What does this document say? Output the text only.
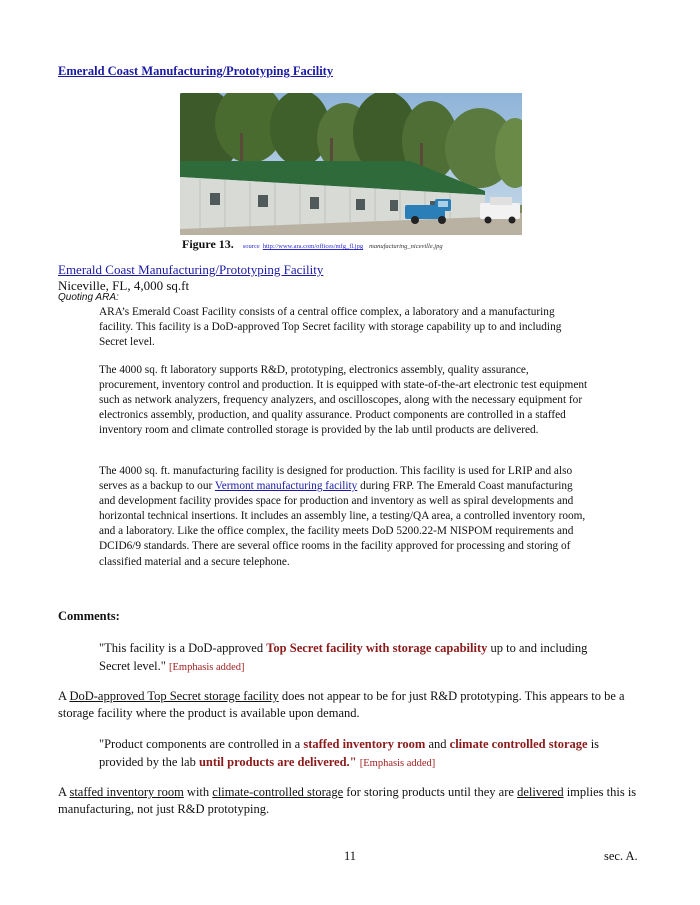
Emerald Coast Manufacturing/Prototyping Facility
Figure 13. source http://www.ara.com/offices/mfg_fl.jpg manufacturing_niceville.jpg
Emerald Coast Manufacturing/Prototyping Facility
Niceville, FL, 4,000 sq.ft
Quoting ARA:
ARA’s Emerald Coast Facility consists of a central office complex, a laboratory and a manufacturing facility. This facility is a DoD-approved Top Secret facility with storage capability up to and including Secret level.
The 4000 sq. ft laboratory supports R&D, prototyping, electronics assembly, quality assurance, procurement, inventory control and production. It is equipped with state-of-the-art electronic test equipment such as network analyzers, frequency analyzers, and oscilloscopes, along with the necessary equipment for electronics assembly, production, and quality assurance. Product components are controlled in a staffed inventory room and climate controlled storage is provided by the lab until products are delivered.
The 4000 sq. ft. manufacturing facility is designed for production. This facility is used for LRIP and also serves as a backup to our Vermont manufacturing facility during FRP. The Emerald Coast manufacturing and development facility provides space for production and inventory as well as spiral developments and horizontal technical insertions. It includes an assembly line, a testing/QA area, a controlled inventory room, and a laboratory. Like the office complex, the facility meets DoD 5200.22-M NISPOM requirements and DCID6/9 standards. There are several office rooms in the facility approved for processing and storing of classified material and a secure telephone.
Comments:
"This facility is a DoD-approved Top Secret facility with storage capability up to and including Secret level." [Emphasis added]
A DoD-approved Top Secret storage facility does not appear to be for just R&D prototyping. This appears to be a storage facility where the product is available upon demand.
"Product components are controlled in a staffed inventory room and climate controlled storage is provided by the lab until products are delivered." [Emphasis added]
A staffed inventory room with climate-controlled storage for storing products until they are delivered implies this is manufacturing, not just R&D prototyping.
11	sec. A.
